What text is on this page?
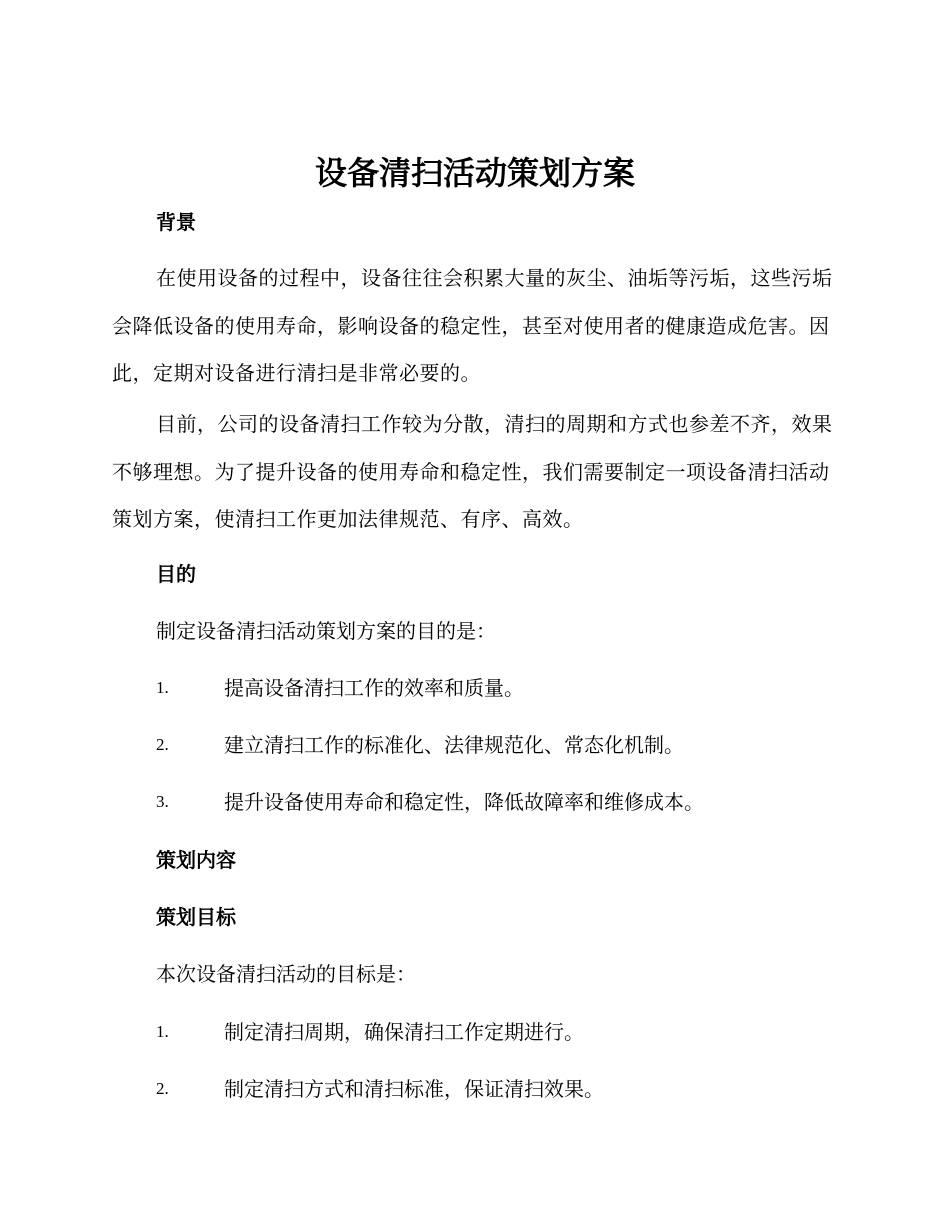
设备清扫活动策划方案
背景

在使用设备的过程中，设备往往会积累大量的灰尘、油垢等污垢，这些污垢会降低设备的使用寿命，影响设备的稳定性，甚至对使用者的健康造成危害。因此，定期对设备进行清扫是非常必要的。

目前，公司的设备清扫工作较为分散，清扫的周期和方式也参差不齐，效果不够理想。为了提升设备的使用寿命和稳定性，我们需要制定一项设备清扫活动策划方案，使清扫工作更加法律规范、有序、高效。

目的

制定设备清扫活动策划方案的目的是：

1.	提高设备清扫工作的效率和质量。
2.	建立清扫工作的标准化、法律规范化、常态化机制。
3.	提升设备使用寿命和稳定性，降低故障率和维修成本。
策划内容
策划目标

本次设备清扫活动的目标是：

1.	制定清扫周期，确保清扫工作定期进行。
2.	制定清扫方式和清扫标准，保证清扫效果。
